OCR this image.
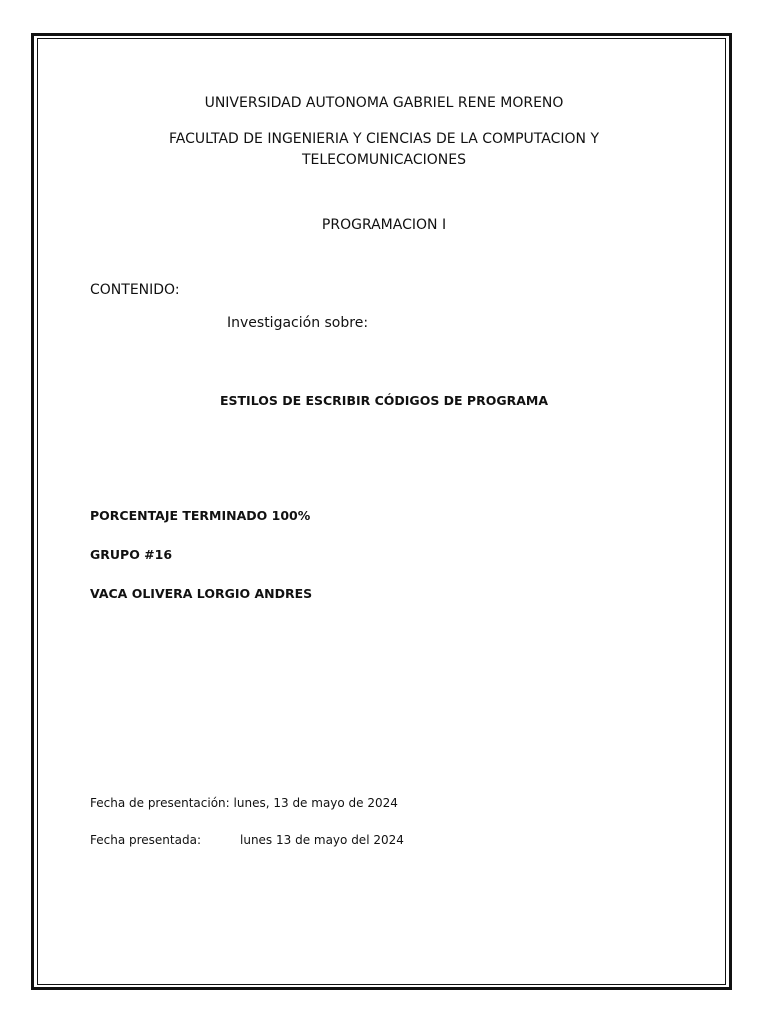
UNIVERSIDAD AUTONOMA GABRIEL RENE MORENO
FACULTAD DE INGENIERIA Y CIENCIAS DE LA COMPUTACION Y
TELECOMUNICACIONES
PROGRAMACION I
CONTENIDO:
Investigación sobre:
ESTILOS DE ESCRIBIR CÓDIGOS DE PROGRAMA
PORCENTAJE TERMINADO 100%
GRUPO #16
VACA OLIVERA LORGIO ANDRES
Fecha de presentación: lunes, 13 de mayo de 2024
Fecha presentada:	lunes 13 de mayo del 2024
